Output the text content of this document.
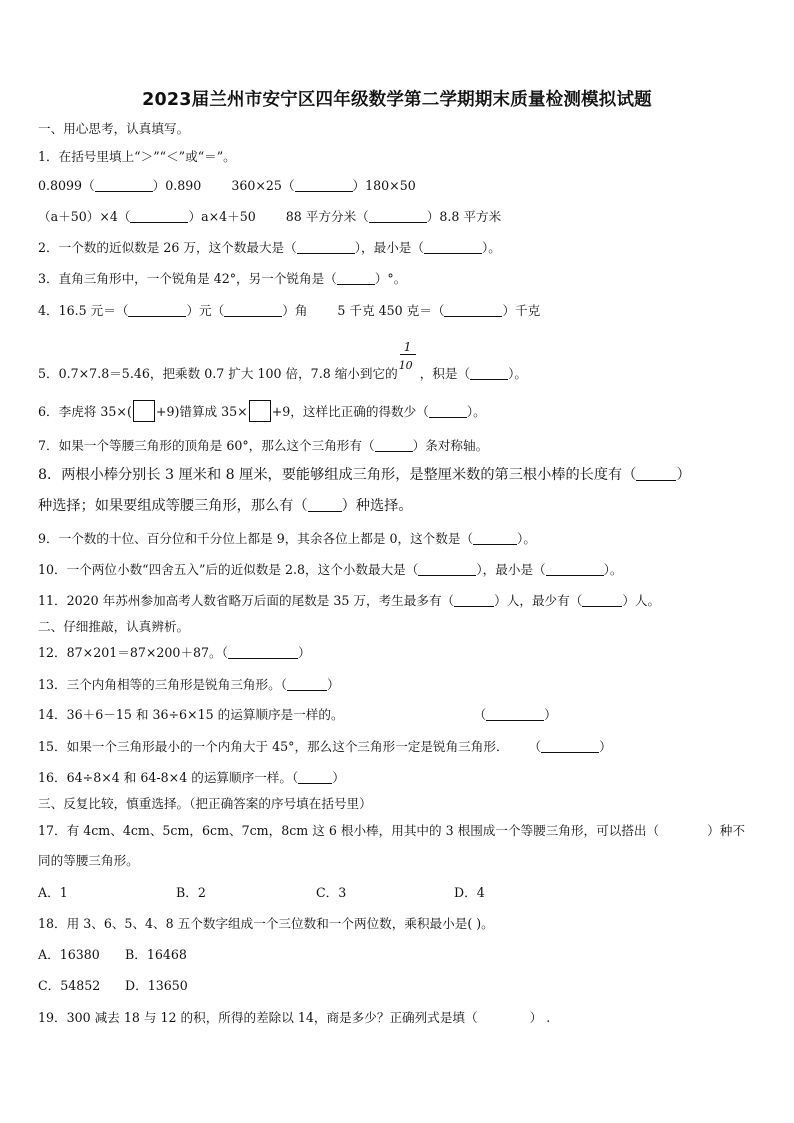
2023届兰州市安宁区四年级数学第二学期期末质量检测模拟试题
一、用心思考，认真填写。
1．在括号里填上“＞”“＜”或“＝”。
0.8099（	）0.890 360×25（	）180×50
（a＋50）×4（	）a×4＋50 88 平方分米（	）8.8 平方米
2．一个数的近似数是 26 万，这个数最大是（	），最小是（	）。
3．直角三角形中，一个锐角是 42°，另一个锐角是（	）°。
4．16.5 元＝（	）元（	）角 5 千克 450 克＝（	）千克
5．0.7×7.8＝5.46，把乘数 0.7 扩大 100 倍，7.8 缩小到它的 $\frac{1}{10}$ ，积是（	）。
6．李虎将 35×( +9)错算成 35× +9，这样比正确的得数少（	）。
7．如果一个等腰三角形的顶角是 60°，那么这个三角形有（	）条对称轴。
8．两根小棒分别长 3 厘米和 8 厘米，要能够组成三角形，是整厘米数的第三根小棒的长度有（	）
种选择；如果要组成等腰三角形，那么有（ ）种选择。
9．一个数的十位、百分位和千分位上都是 9，其余各位上都是 0，这个数是（	）。
10．一个两位小数“四舍五入”后的近似数是 2.8，这个小数最大是（	），最小是（	）。
11．2020 年苏州参加高考人数省略万后面的尾数是 35 万，考生最多有（	）人，最少有（	）人。
二、仔细推敲，认真辨析。
12．87×201＝87×200＋87。（	）
13．三个内角相等的三角形是锐角三角形。（	）
14．36＋6－15 和 36÷6×15 的运算顺序是一样的。	（	）
15．如果一个三角形最小的一个内角大于 45°，那么这个三角形一定是锐角三角形． （	）
16．64÷8×4 和 64-8×4 的运算顺序一样。（	）
三、反复比较，慎重选择。（把正确答案的序号填在括号里）
17．有 4cm、4cm、5cm，6cm、7cm，8cm 这 6 根小棒，用其中的 3 根围成一个等腰三角形，可以搭出（	）种不
同的等腰三角形。
A．1	B．2	C．3	D．4
18．用 3、6、5、4、8 五个数字组成一个三位数和一个两位数，乘积最小是( )。
A．16380 B．16468
C．54852 D．13650
19．300 减去 18 与 12 的积，所得的差除以 14，商是多少？正确列式是填（	） .
